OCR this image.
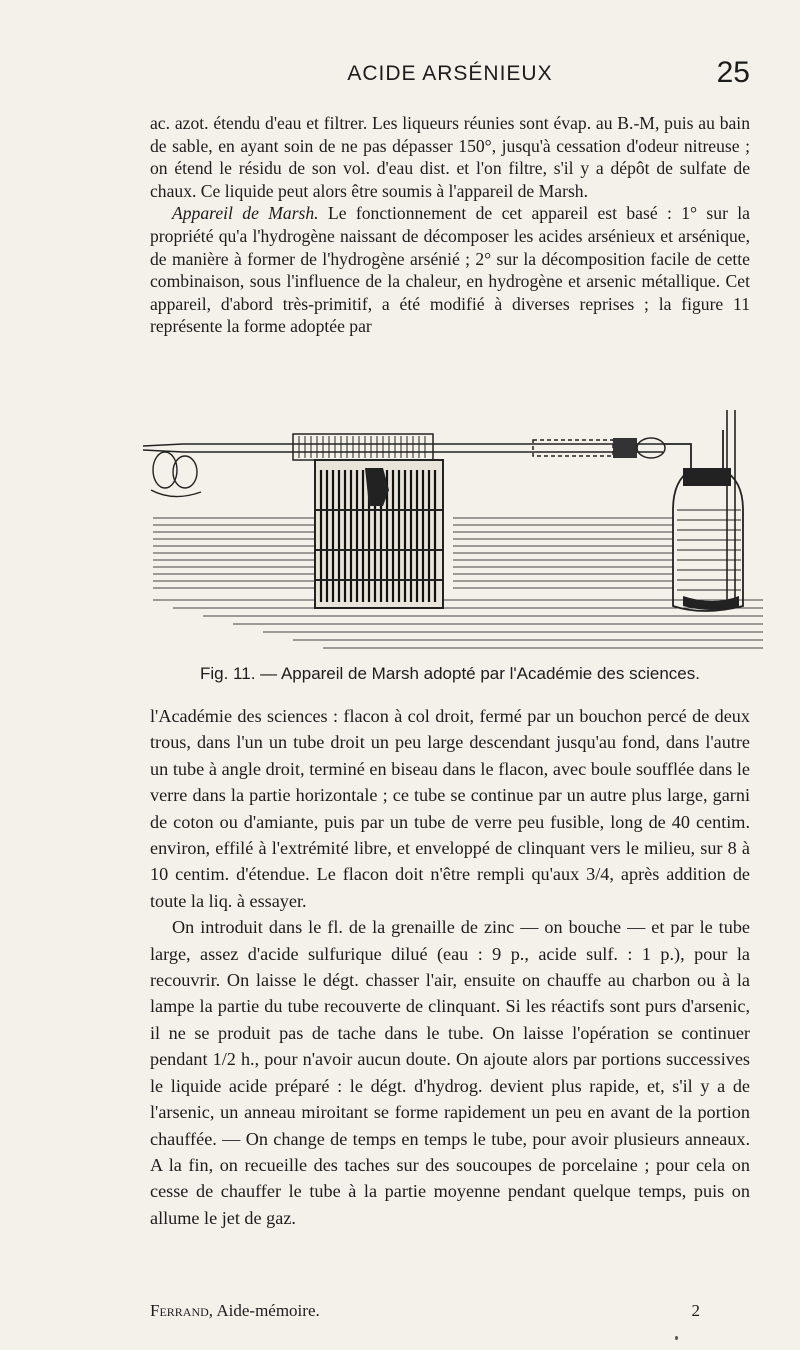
ACIDE ARSÉNIEUX	25

ac. azot. étendu d'eau et filtrer. Les liqueurs réunies sont évap. au B.-M, puis au bain de sable, en ayant soin de ne pas dépasser 150°, jusqu'à cessation d'odeur nitreuse ; on étend le résidu de son vol. d'eau dist. et l'on filtre, s'il y a dépôt de sulfate de chaux. Ce liquide peut alors être soumis à l'appareil de Marsh.

Appareil de Marsh. Le fonctionnement de cet appareil est basé : 1° sur la propriété qu'a l'hydrogène naissant de décomposer les acides arsénieux et arsénique, de manière à former de l'hydrogène arsénié ; 2° sur la décomposition facile de cette combinaison, sous l'influence de la chaleur, en hydrogène et arsenic métallique. Cet appareil, d'abord très-primitif, a été modifié à diverses reprises ; la figure 11 représente la forme adoptée par

Fig. 11. — Appareil de Marsh adopté par l'Académie des sciences.

l'Académie des sciences : flacon à col droit, fermé par un bouchon percé de deux trous, dans l'un un tube droit un peu large descendant jusqu'au fond, dans l'autre un tube à angle droit, terminé en biseau dans le flacon, avec boule soufflée dans le verre dans la partie horizontale ; ce tube se continue par un autre plus large, garni de coton ou d'amiante, puis par un tube de verre peu fusible, long de 40 centim. environ, effilé à l'extrémité libre, et enveloppé de clinquant vers le milieu, sur 8 à 10 centim. d'étendue. Le flacon doit n'être rempli qu'aux 3/4, après addition de toute la liq. à essayer.

On introduit dans le fl. de la grenaille de zinc — on bouche — et par le tube large, assez d'acide sulfurique dilué (eau : 9 p., acide sulf. : 1 p.), pour la recouvrir. On laisse le dégt. chasser l'air, ensuite on chauffe au charbon ou à la lampe la partie du tube recouverte de clinquant. Si les réactifs sont purs d'arsenic, il ne se produit pas de tache dans le tube. On laisse l'opération se continuer pendant 1/2 h., pour n'avoir aucun doute. On ajoute alors par portions successives le liquide acide préparé : le dégt. d'hydrog. devient plus rapide, et, s'il y a de l'arsenic, un anneau miroitant se forme rapidement un peu en avant de la portion chauffée. — On change de temps en temps le tube, pour avoir plusieurs anneaux. A la fin, on recueille des taches sur des soucoupes de porcelaine ; pour cela on cesse de chauffer le tube à la partie moyenne pendant quelque temps, puis on allume le jet de gaz.

Ferrand, Aide-mémoire.	2
